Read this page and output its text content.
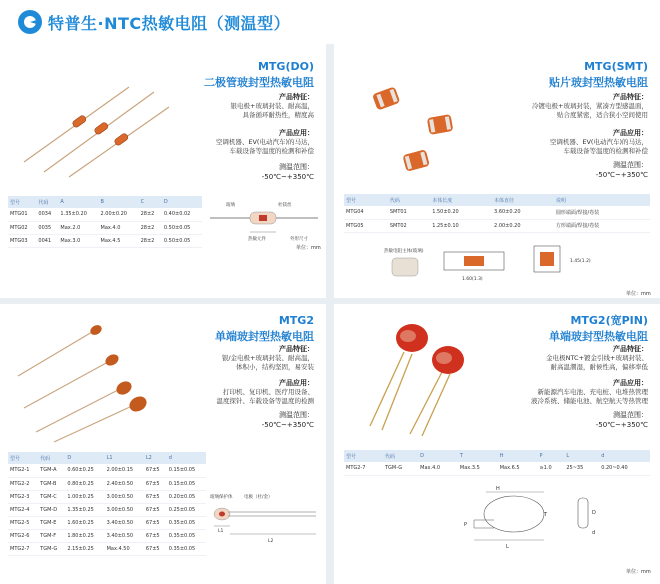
特普生·NTC热敏电阻（测温型）
MTG(DO)
二极管玻封型热敏电阻
产品特征：
银电极+玻璃封装、耐高温，
具备循环耐热性，精度高
产品应用：
空调机器、EV(电动汽车)的马达，
车载设备等温度的检测和补偿
测温范围：
-50℃~+350℃
型号	代码	A	B	C	D
MTG01	0034	1.35±0.20	2.00±0.20	28±2	0.40±0.02
MTG02	0035	Max.2.0	Max.4.0	28±2	0.50±0.05
MTG03	0041	Max.3.0	Max.4.5	28±2	0.50±0.05
玻璃	杜镁丝
热敏元件	外形尺寸
单位：mm
MTG(SMT)
贴片玻封型热敏电阻
产品特征：
冷镀电极+玻璃封装，紧凑方型感温面，
贴合度紧密，适合狭小空间使用
产品应用：
空调机器、EV(电动汽车)的马达，
车载设备等温度的检测和补偿
测温范围：
-50℃~+350℃
型号	代码	本体长度	本体直径	说明
MTG04	SMT01	1.50±0.20	3.60±0.20	圆形端面/焊接/卷装
MTG05	SMT02	1.25±0.10	2.00±0.20	方形端面/焊接/卷装
热敏电阻主体(玻璃)
1.60(1.3)
1.45(1.2)
单位：mm
MTG2
单端玻封型热敏电阻
产品特征：
银/金电极+玻璃封装、耐高温，
体积小，结构坚固，易安装
产品应用：
打印机、复印机、医疗用设备、
温度探针、车载设备等温度的检测
测温范围：
-50℃~+350℃
型号	代码	D	L1	L2	d
MTG2-1	TGM-A	0.60±0.25	2.00±0.15	67±5	0.15±0.05
MTG2-2	TGM-B	0.80±0.25	2.40±0.50	67±5	0.15±0.05
MTG2-3	TGM-C	1.00±0.25	3.00±0.50	67±5	0.20±0.05
MTG2-4	TGM-D	1.35±0.25	3.00±0.50	67±5	0.25±0.05
MTG2-5	TGM-E	1.60±0.25	3.40±0.50	67±5	0.35±0.05
MTG2-6	TGM-F	1.80±0.25	3.40±0.50	67±5	0.35±0.05
MTG2-7	TGM-G	2.15±0.25	Max.4.50	67±5	0.35±0.05
玻璃保护体	电极（杜/金）
L1
L2
MTG2(宽PIN)
单端玻封型热敏电阻
产品特征：
金电极NTC+镀金引线+玻璃封装、
耐高温潮湿，耐候性高，偏移率低
产品应用：
新能源汽车电池、充电桩、电堆热管理
液冷系统、储能电池、航空航天等热管理
测温范围：
-50℃~+350℃
型号	代码	D	T	H	P	L	d
MTG2-7	TGM-G	Max.4.0	Max.3.5	Max.6.5	≥1.0	25~35	0.20~0.40
H
L
T
P
D
d
单位：mm
